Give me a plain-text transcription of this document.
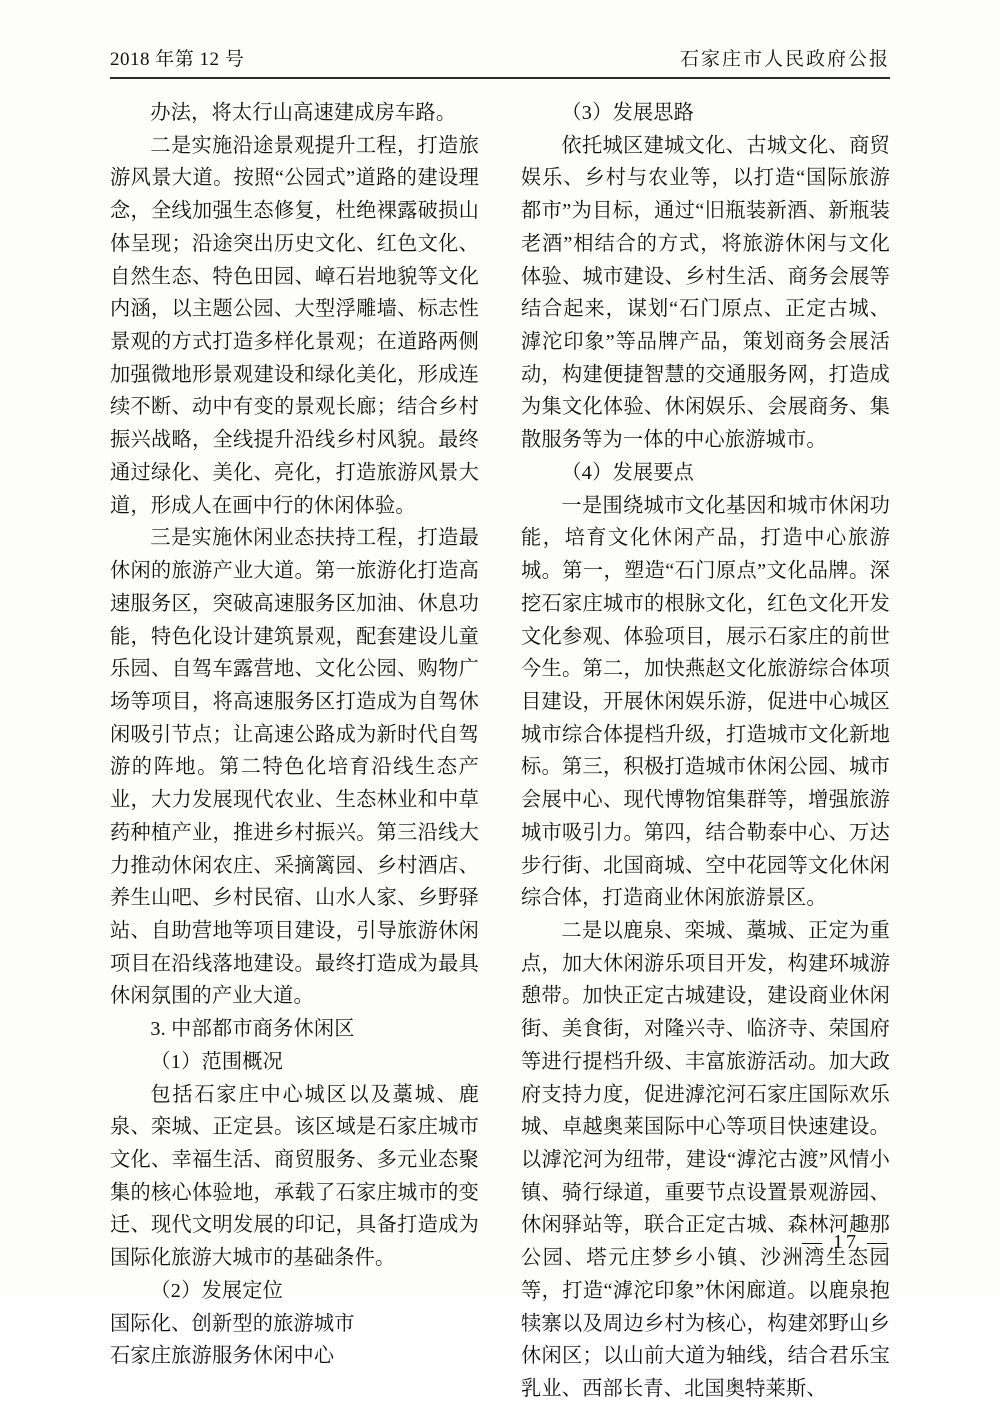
2018 年第 12 号	石家庄市人民政府公报

办法，将太行山高速建成房车路。

二是实施沿途景观提升工程，打造旅游风景大道。按照“公园式”道路的建设理念，全线加强生态修复，杜绝裸露破损山体呈现；沿途突出历史文化、红色文化、自然生态、特色田园、嶂石岩地貌等文化内涵，以主题公园、大型浮雕墙、标志性景观的方式打造多样化景观；在道路两侧加强微地形景观建设和绿化美化，形成连续不断、动中有变的景观长廊；结合乡村振兴战略，全线提升沿线乡村风貌。最终通过绿化、美化、亮化，打造旅游风景大道，形成人在画中行的休闲体验。

三是实施休闲业态扶持工程，打造最休闲的旅游产业大道。第一旅游化打造高速服务区，突破高速服务区加油、休息功能，特色化设计建筑景观，配套建设儿童乐园、自驾车露营地、文化公园、购物广场等项目，将高速服务区打造成为自驾休闲吸引节点；让高速公路成为新时代自驾游的阵地。第二特色化培育沿线生态产业，大力发展现代农业、生态林业和中草药种植产业，推进乡村振兴。第三沿线大力推动休闲农庄、采摘篱园、乡村酒店、养生山吧、乡村民宿、山水人家、乡野驿站、自助营地等项目建设，引导旅游休闲项目在沿线落地建设。最终打造成为最具休闲氛围的产业大道。

3. 中部都市商务休闲区

（1）范围概况

包括石家庄中心城区以及藁城、鹿泉、栾城、正定县。该区域是石家庄城市文化、幸福生活、商贸服务、多元业态聚集的核心体验地，承载了石家庄城市的变迁、现代文明发展的印记，具备打造成为国际化旅游大城市的基础条件。

（2）发展定位

国际化、创新型的旅游城市

石家庄旅游服务休闲中心

（3）发展思路

依托城区建城文化、古城文化、商贸娱乐、乡村与农业等，以打造“国际旅游都市”为目标，通过“旧瓶装新酒、新瓶装老酒”相结合的方式，将旅游休闲与文化体验、城市建设、乡村生活、商务会展等结合起来，谋划“石门原点、正定古城、滹沱印象”等品牌产品，策划商务会展活动，构建便捷智慧的交通服务网，打造成为集文化体验、休闲娱乐、会展商务、集散服务等为一体的中心旅游城市。

（4）发展要点

一是围绕城市文化基因和城市休闲功能，培育文化休闲产品，打造中心旅游城。第一，塑造“石门原点”文化品牌。深挖石家庄城市的根脉文化，红色文化开发文化参观、体验项目，展示石家庄的前世今生。第二，加快燕赵文化旅游综合体项目建设，开展休闲娱乐游，促进中心城区城市综合体提档升级，打造城市文化新地标。第三，积极打造城市休闲公园、城市会展中心、现代博物馆集群等，增强旅游城市吸引力。第四，结合勒泰中心、万达步行街、北国商城、空中花园等文化休闲综合体，打造商业休闲旅游景区。

二是以鹿泉、栾城、藁城、正定为重点，加大休闲游乐项目开发，构建环城游憩带。加快正定古城建设，建设商业休闲街、美食街，对隆兴寺、临济寺、荣国府等进行提档升级、丰富旅游活动。加大政府支持力度，促进滹沱河石家庄国际欢乐城、卓越奥莱国际中心等项目快速建设。以滹沱河为纽带，建设“滹沱古渡”风情小镇、骑行绿道，重要节点设置景观游园、休闲驿站等，联合正定古城、森林河趣那公园、塔元庄梦乡小镇、沙洲湾生态园等，打造“滹沱印象”休闲廊道。以鹿泉抱犊寨以及周边乡村为核心，构建郊野山乡休闲区；以山前大道为轴线，结合君乐宝乳业、西部长青、北国奥特莱斯、

— 17 —
